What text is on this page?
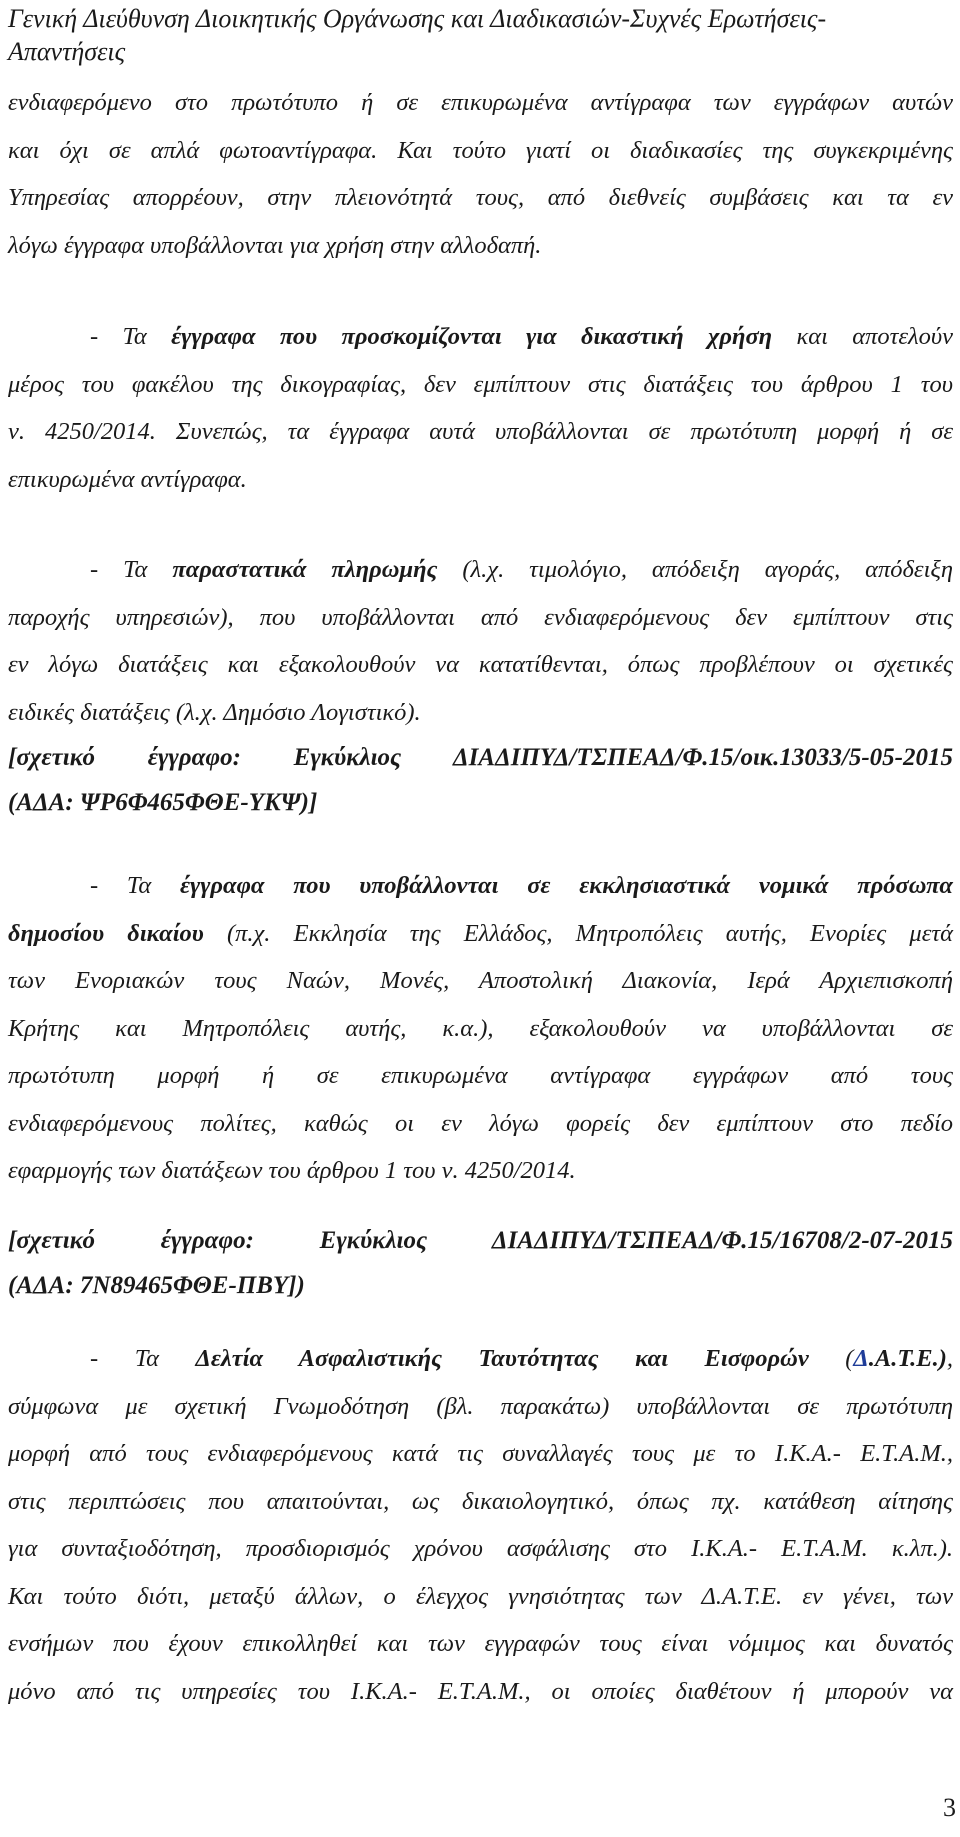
Γενική Διεύθυνση Διοικητικής Οργάνωσης και Διαδικασιών-Συχνές Ερωτήσεις-
Απαντήσεις
ενδιαφερόμενο στο πρωτότυπο ή σε επικυρωμένα αντίγραφα των εγγράφων αυτών
και όχι σε απλά φωτοαντίγραφα. Και τούτο γιατί οι διαδικασίες της συγκεκριμένης
Υπηρεσίας απορρέουν, στην πλειονότητά τους, από διεθνείς συμβάσεις και τα εν
λόγω έγγραφα υποβάλλονται για χρήση στην αλλοδαπή.
- Τα έγγραφα που προσκομίζονται για δικαστική χρήση και αποτελούν
μέρος του φακέλου της δικογραφίας, δεν εμπίπτουν στις διατάξεις του άρθρου 1 του
ν. 4250/2014. Συνεπώς, τα έγγραφα αυτά υποβάλλονται σε πρωτότυπη μορφή ή σε
επικυρωμένα αντίγραφα.
- Τα παραστατικά πληρωμής (λ.χ. τιμολόγιο, απόδειξη αγοράς, απόδειξη
παροχής υπηρεσιών), που υποβάλλονται από ενδιαφερόμενους δεν εμπίπτουν στις
εν λόγω διατάξεις και εξακολουθούν να κατατίθενται, όπως προβλέπουν οι σχετικές
ειδικές διατάξεις (λ.χ. Δημόσιο Λογιστικό).
[σχετικό έγγραφο: Εγκύκλιος ΔΙΑΔΙΠΥΔ/ΤΣΠΕΑΔ/Φ.15/οικ.13033/5-05-2015
(ΑΔΑ: ΨΡ6Φ465ΦΘΕ-ΥΚΨ)]
- Τα έγγραφα που υποβάλλονται σε εκκλησιαστικά νομικά πρόσωπα
δημοσίου δικαίου (π.χ. Εκκλησία της Ελλάδος, Μητροπόλεις αυτής, Ενορίες μετά
των Ενοριακών τους Ναών, Μονές, Αποστολική Διακονία, Ιερά Αρχιεπισκοπή
Κρήτης και Μητροπόλεις αυτής, κ.α.), εξακολουθούν να υποβάλλονται σε
πρωτότυπη μορφή ή σε επικυρωμένα αντίγραφα εγγράφων από τους
ενδιαφερόμενους πολίτες, καθώς οι εν λόγω φορείς δεν εμπίπτουν στο πεδίο
εφαρμογής των διατάξεων του άρθρου 1 του ν. 4250/2014.
[σχετικό έγγραφο: Εγκύκλιος ΔΙΑΔΙΠΥΔ/ΤΣΠΕΑΔ/Φ.15/16708/2-07-2015
(ΑΔΑ: 7Ν89465ΦΘΕ-ΠΒΥ])
- Τα Δελτία Ασφαλιστικής Ταυτότητας και Εισφορών (Δ.Α.Τ.Ε.),
σύμφωνα με σχετική Γνωμοδότηση (βλ. παρακάτω) υποβάλλονται σε πρωτότυπη
μορφή από τους ενδιαφερόμενους κατά τις συναλλαγές τους με το Ι.Κ.Α.- Ε.Τ.Α.Μ.,
στις περιπτώσεις που απαιτούνται, ως δικαιολογητικό, όπως πχ. κατάθεση αίτησης
για συνταξιοδότηση, προσδιορισμός χρόνου ασφάλισης στο Ι.Κ.Α.- Ε.Τ.Α.Μ. κ.λπ.).
Και τούτο διότι, μεταξύ άλλων, ο έλεγχος γνησιότητας των Δ.Α.Τ.Ε. εν γένει, των
ενσήμων που έχουν επικολληθεί και των εγγραφών τους είναι νόμιμος και δυνατός
μόνο από τις υπηρεσίες του Ι.Κ.Α.- Ε.Τ.Α.Μ., οι οποίες διαθέτουν ή μπορούν να
3
